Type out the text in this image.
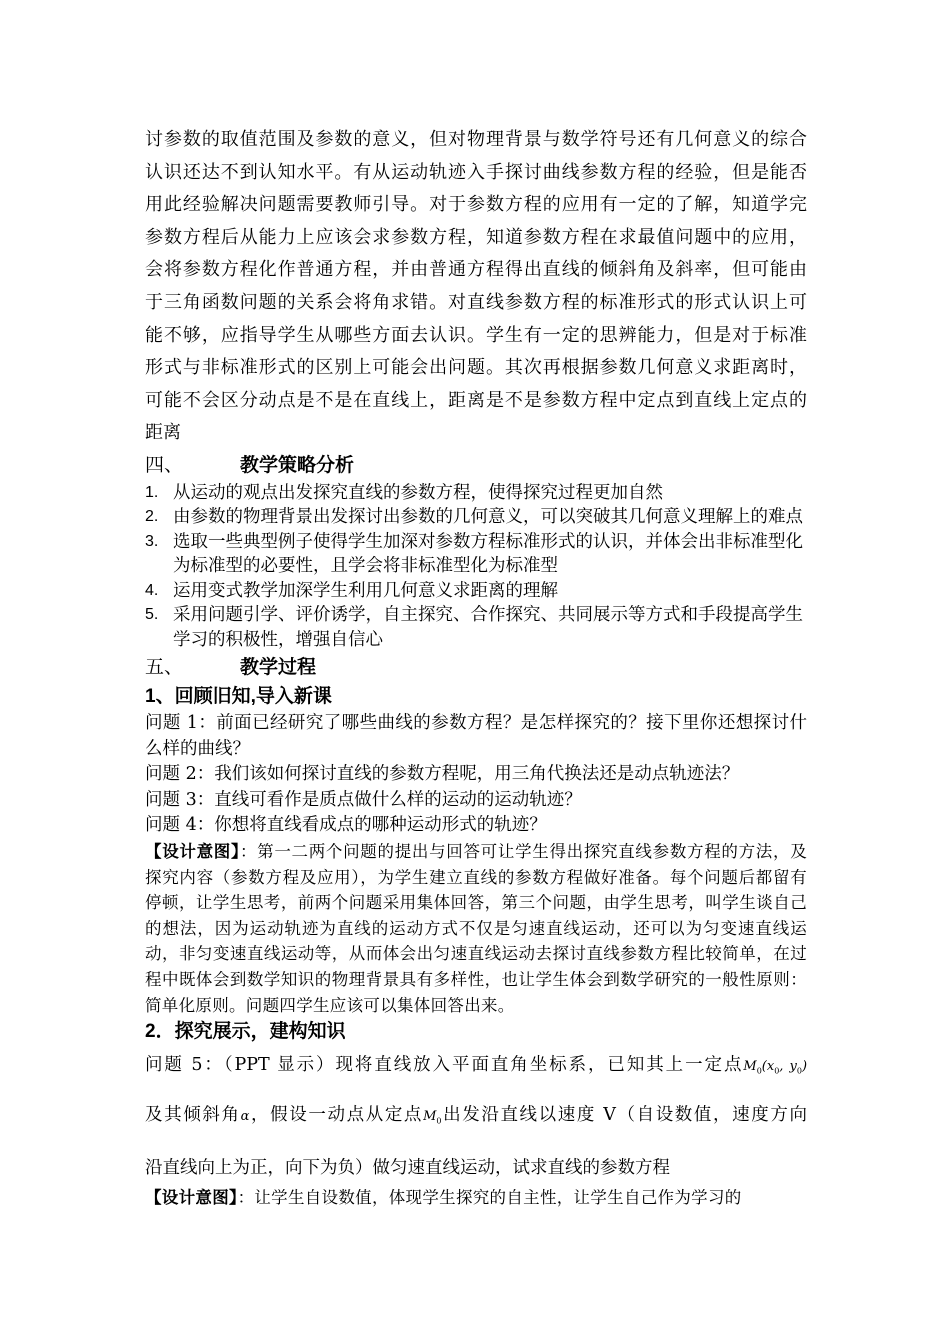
讨参数的取值范围及参数的意义，但对物理背景与数学符号还有几何意义的综合
认识还达不到认知水平。有从运动轨迹入手探讨曲线参数方程的经验，但是能否
用此经验解决问题需要教师引导。对于参数方程的应用有一定的了解，知道学完
参数方程后从能力上应该会求参数方程，知道参数方程在求最值问题中的应用，
会将参数方程化作普通方程，并由普通方程得出直线的倾斜角及斜率，但可能由
于三角函数问题的关系会将角求错。对直线参数方程的标准形式的形式认识上可
能不够，应指导学生从哪些方面去认识。学生有一定的思辨能力，但是对于标准
形式与非标准形式的区别上可能会出问题。其次再根据参数几何意义求距离时，
可能不会区分动点是不是在直线上，距离是不是参数方程中定点到直线上定点的
距离

四、	教学策略分析

1. 从运动的观点出发探究直线的参数方程，使得探究过程更加自然
2. 由参数的物理背景出发探讨出参数的几何意义，可以突破其几何意义理解上的难点
3. 选取一些典型例子使得学生加深对参数方程标准形式的认识，并体会出非标准型化为标准型的必要性，且学会将非标准型化为标准型
4. 运用变式教学加深学生利用几何意义求距离的理解
5. 采用问题引学、评价诱学，自主探究、合作探究、共同展示等方式和手段提高学生学习的积极性，增强自信心

五、	教学过程

1、回顾旧知,导入新课

问题 1：前面已经研究了哪些曲线的参数方程？是怎样探究的？接下里你还想探讨什么样的曲线？

问题 2：我们该如何探讨直线的参数方程呢，用三角代换法还是动点轨迹法？

问题 3：直线可看作是质点做什么样的运动的运动轨迹？

问题 4：你想将直线看成点的哪种运动形式的轨迹？

【设计意图】：第一二两个问题的提出与回答可让学生得出探究直线参数方程的方法，及探究内容（参数方程及应用），为学生建立直线的参数方程做好准备。每个问题后都留有停顿，让学生思考，前两个问题采用集体回答，第三个问题，由学生思考，叫学生谈自己的想法，因为运动轨迹为直线的运动方式不仅是匀速直线运动，还可以为匀变速直线运动，非匀变速直线运动等，从而体会出匀速直线运动去探讨直线参数方程比较简单，在过程中既体会到数学知识的物理背景具有多样性，也让学生体会到数学研究的一般性原则：简单化原则。问题四学生应该可以集体回答出来。

2．探究展示，建构知识

问题 5：（PPT 显示）现将直线放入平面直角坐标系，已知其上一定点$M_0(x_0$, $y_0$)
及其倾斜角α，假设一动点从定点$M_0$出发沿直线以速度 V（自设数值，速度方向
沿直线向上为正，向下为负）做匀速直线运动，试求直线的参数方程

【设计意图】：让学生自设数值，体现学生探究的自主性，让学生自己作为学习的
